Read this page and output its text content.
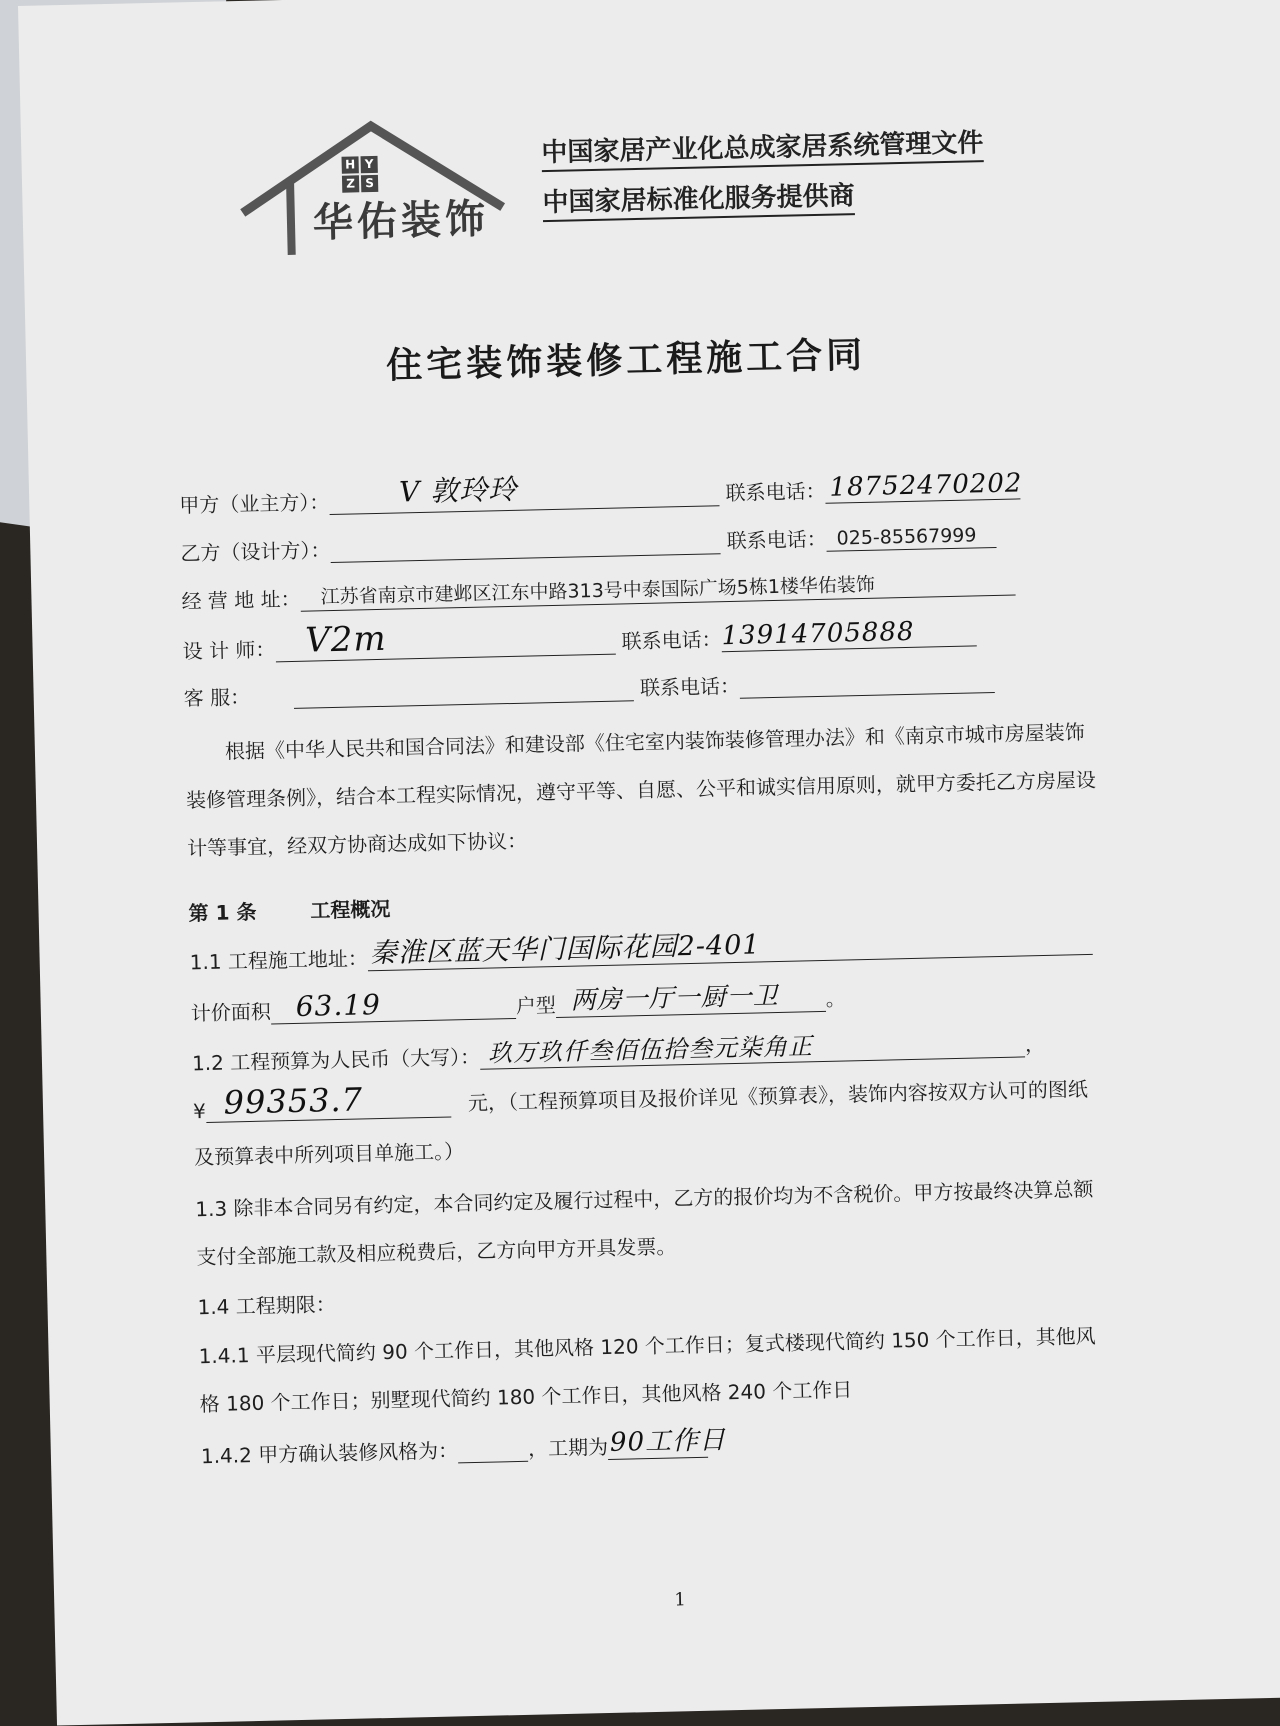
H Y
Z S
华佑装饰
中国家居产业化总成家居系统管理文件
中国家居标准化服务提供商
住宅装饰装修工程施工合同
甲方（业主方）： V 敦玲玲	联系电话： 18752470202
乙方（设计方）：	联系电话： 025-85567999
经 营 地 址： 江苏省南京市建邺区江东中路313号中泰国际广场5栋1楼华佑装饰
设 计 师： V2m	联系电话： 13914705888
客 服：	联系电话：
根据《中华人民共和国合同法》和建设部《住宅室内装饰装修管理办法》和《南京市城市房屋装饰装修管理条例》，结合本工程实际情况，遵守平等、自愿、公平和诚实信用原则，就甲方委托乙方房屋设计等事宜，经双方协商达成如下协议：
第 1 条	工程概况
1.1 工程施工地址： 秦淮区蓝天华门国际花园2-401
计价面积 63.19	户型 两房一厅一厨一卫 。
1.2 工程预算为人民币（大写）： 玖万玖仟叁佰伍拾叁元柒角正	，
¥ 99353.7	元，（工程预算项目及报价详见《预算表》，装饰内容按双方认可的图纸及预算表中所列项目单施工。）
1.3 除非本合同另有约定，本合同约定及履行过程中，乙方的报价均为不含税价。甲方按最终决算总额支付全部施工款及相应税费后，乙方向甲方开具发票。
1.4 工程期限：
1.4.1 平层现代简约 90 个工作日，其他风格 120 个工作日；复式楼现代简约 150 个工作日，其他风格 180 个工作日；别墅现代简约 180 个工作日，其他风格 240 个工作日
1.4.2 甲方确认装修风格为：	，工期为 90工作日
1
